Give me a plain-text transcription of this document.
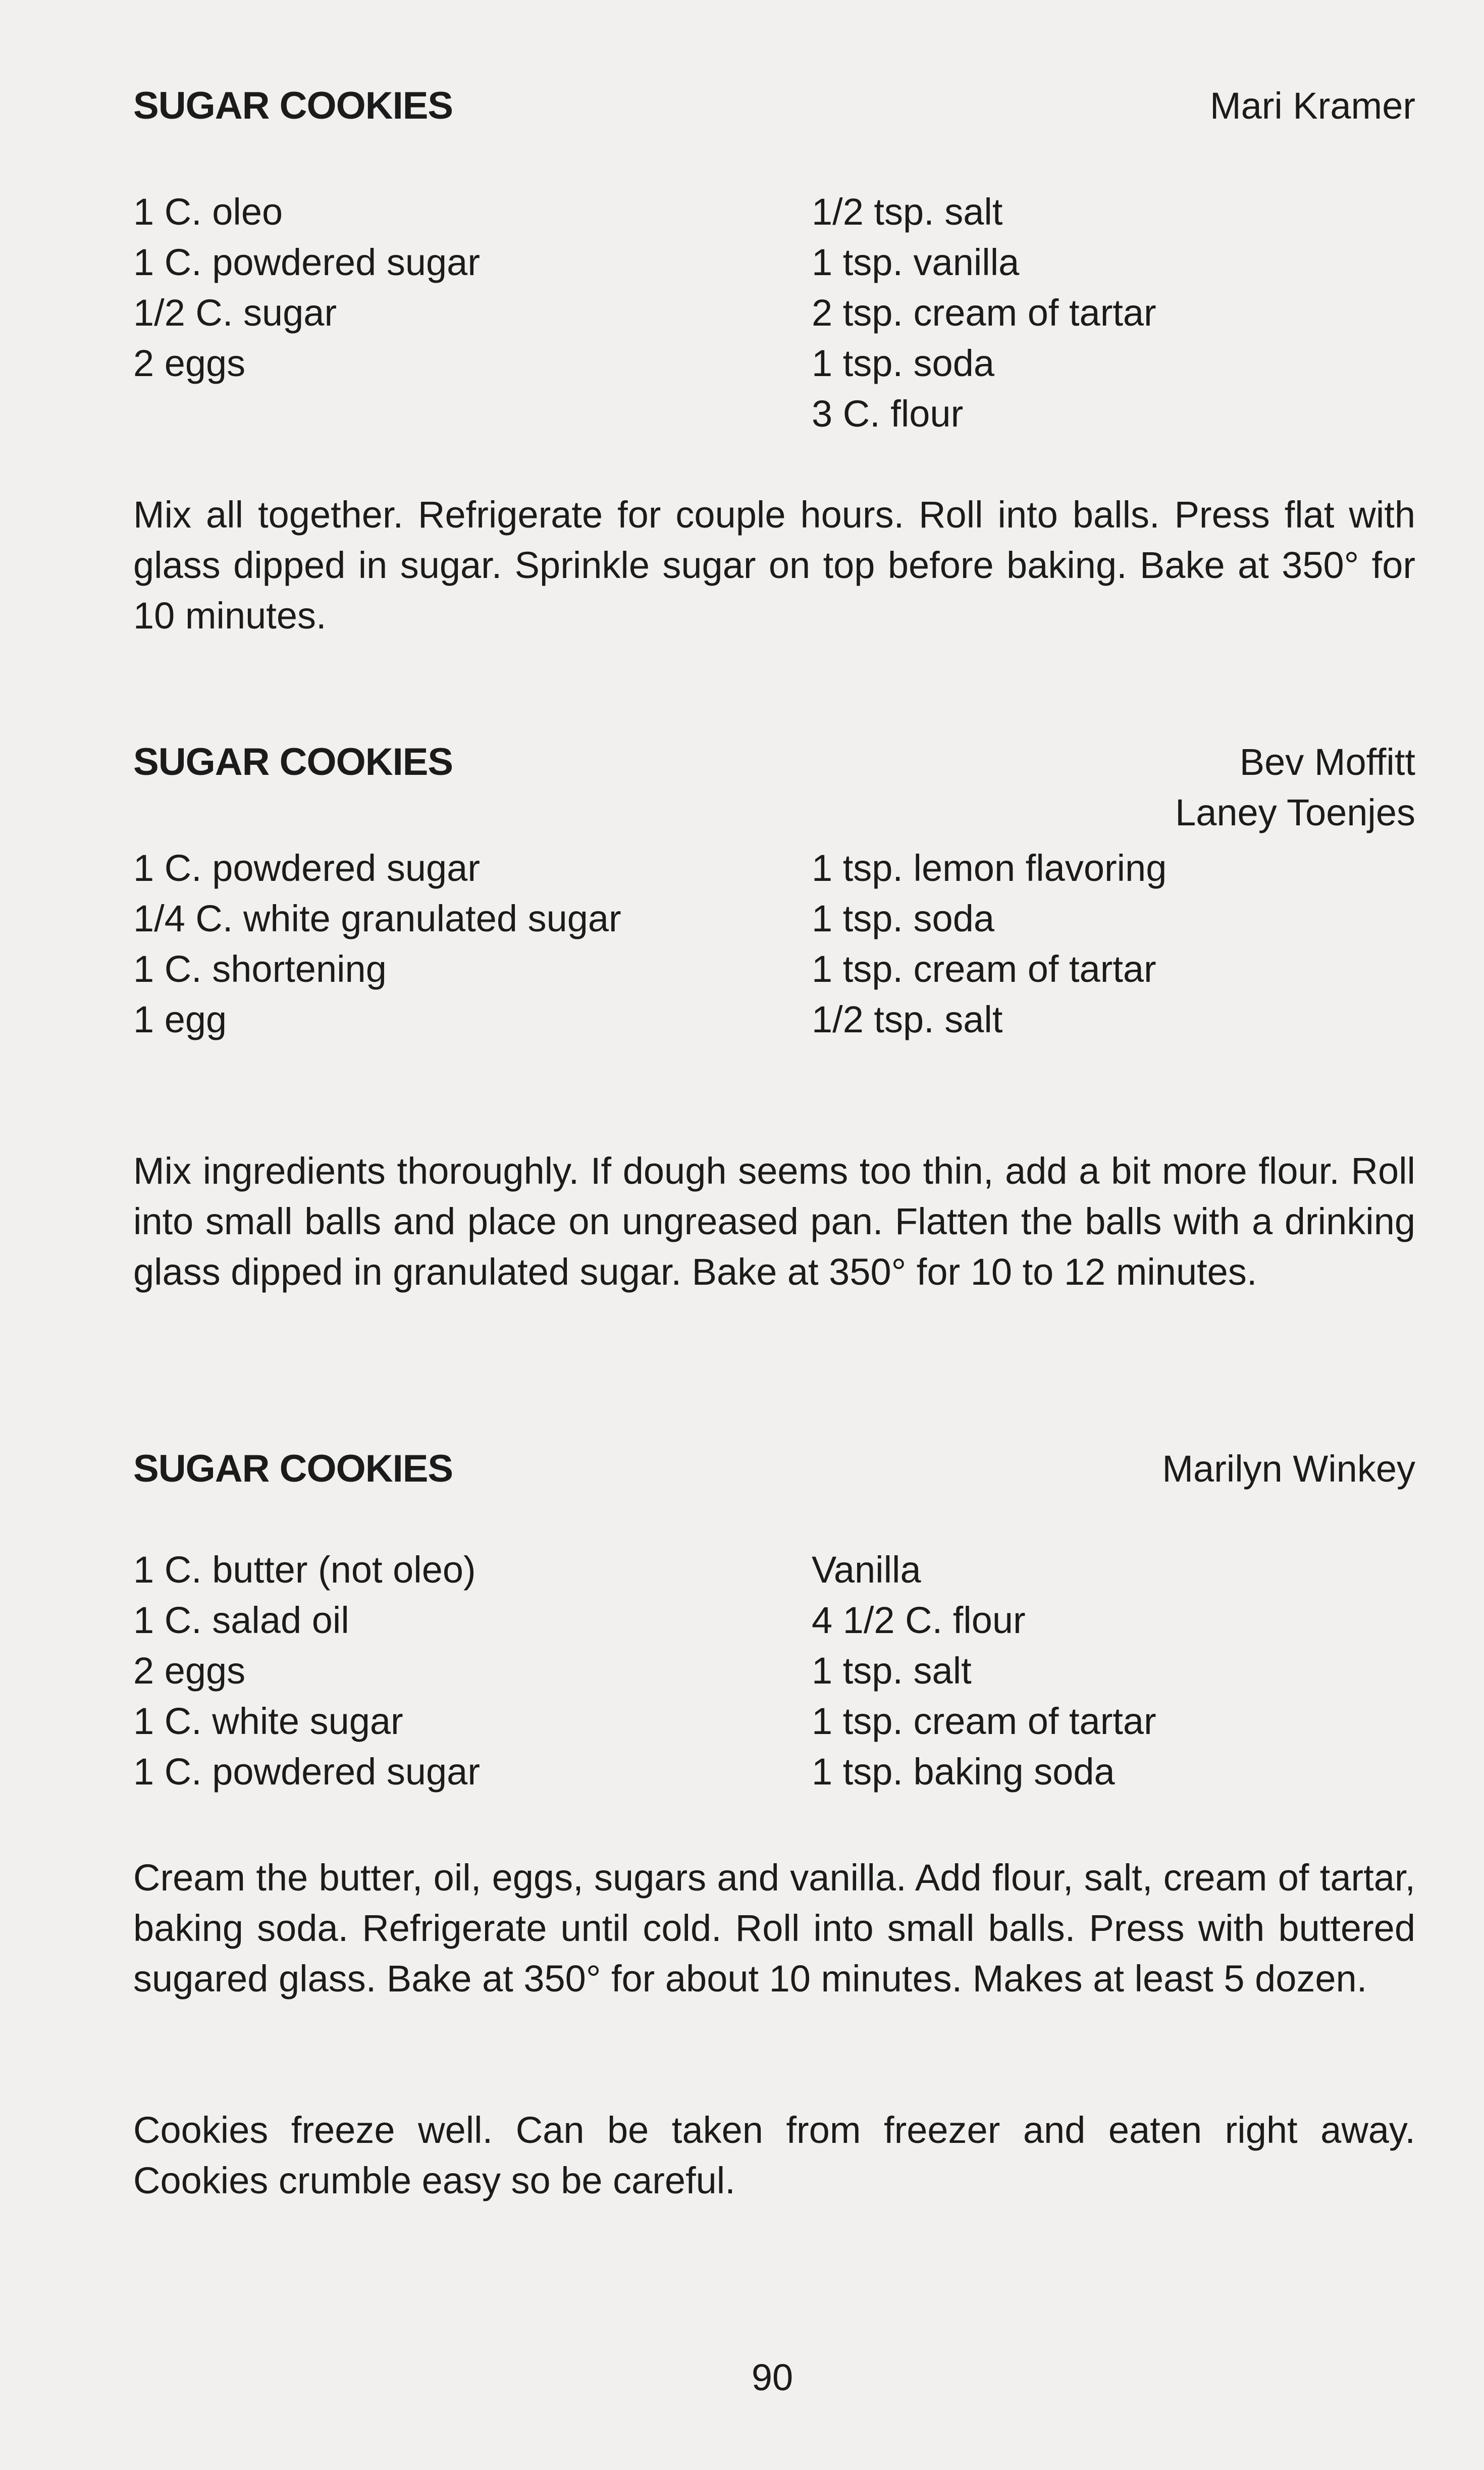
SUGAR COOKIES	Mari Kramer
1 C. oleo
1 C. powdered sugar
1/2 C. sugar
2 eggs
1/2 tsp. salt
1 tsp. vanilla
2 tsp. cream of tartar
1 tsp. soda
3 C. flour
Mix all together. Refrigerate for couple hours. Roll into balls. Press flat with glass dipped in sugar. Sprinkle sugar on top before baking. Bake at 350° for 10 minutes.
SUGAR COOKIES	Bev Moffitt
Laney Toenjes
1 C. powdered sugar
1/4 C. white granulated sugar
1 C. shortening
1 egg
1 tsp. lemon flavoring
1 tsp. soda
1 tsp. cream of tartar
1/2 tsp. salt
Mix ingredients thoroughly. If dough seems too thin, add a bit more flour. Roll into small balls and place on ungreased pan. Flatten the balls with a drinking glass dipped in granulated sugar. Bake at 350° for 10 to 12 minutes.
SUGAR COOKIES	Marilyn Winkey
1 C. butter (not oleo)
1 C. salad oil
2 eggs
1 C. white sugar
1 C. powdered sugar
Vanilla
4 1/2 C. flour
1 tsp. salt
1 tsp. cream of tartar
1 tsp. baking soda
Cream the butter, oil, eggs, sugars and vanilla. Add flour, salt, cream of tartar, baking soda. Refrigerate until cold. Roll into small balls. Press with buttered sugared glass. Bake at 350° for about 10 minutes. Makes at least 5 dozen.
Cookies freeze well. Can be taken from freezer and eaten right away. Cookies crumble easy so be careful.
90
